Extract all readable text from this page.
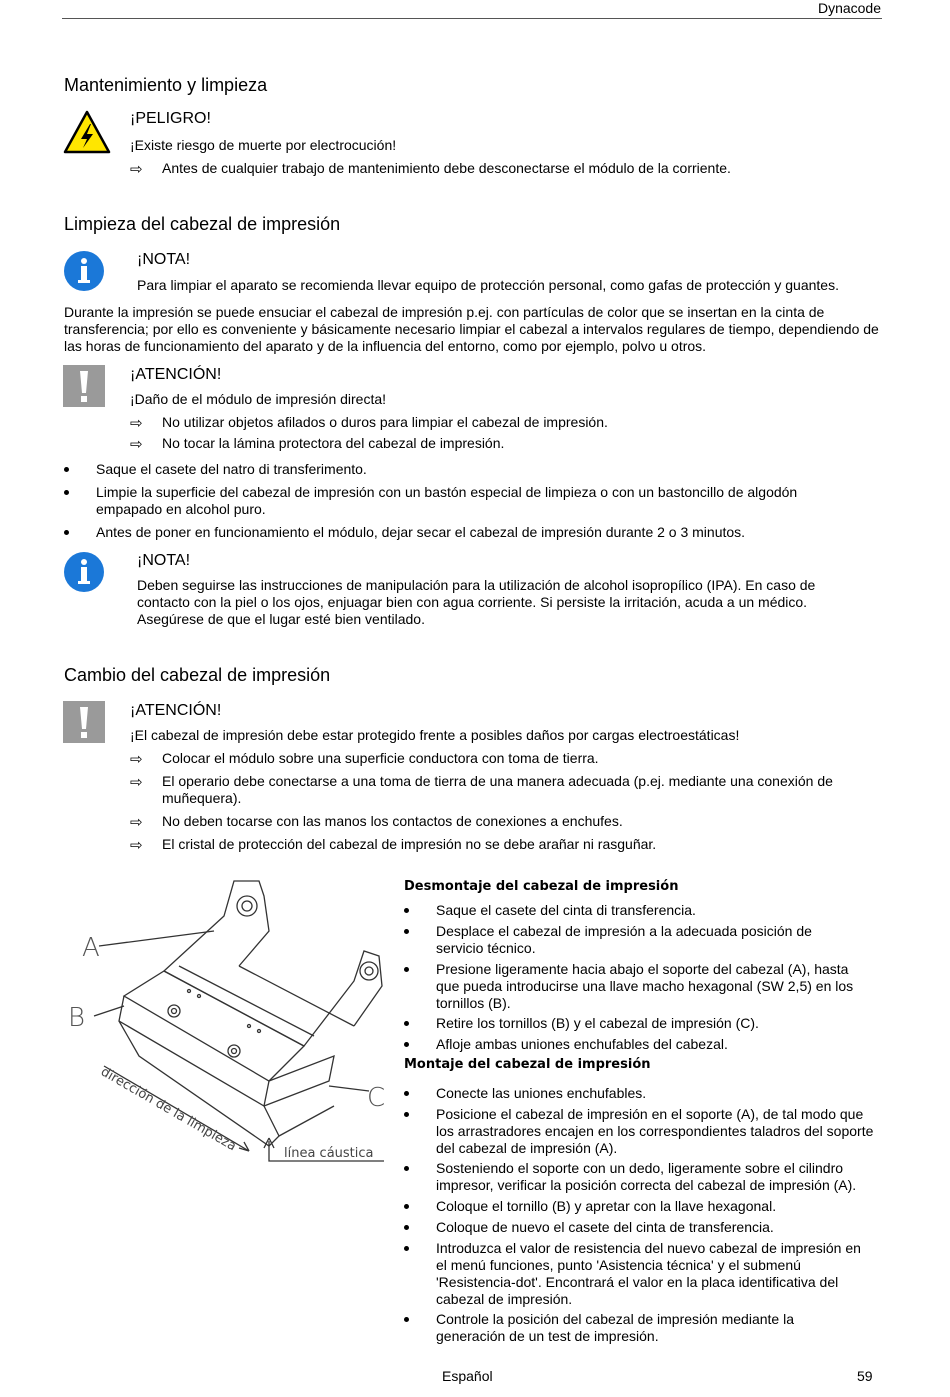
Dynacode
Mantenimiento y limpieza
¡PELIGRO!
¡Existe riesgo de muerte por electrocución!
⇨ Antes de cualquier trabajo de mantenimiento debe desconectarse el módulo de la corriente.
Limpieza del cabezal de impresión
¡NOTA!
Para limpiar el aparato se recomienda llevar equipo de protección personal, como gafas de protección y guantes.
Durante la impresión se puede ensuciar el cabezal de impresión p.ej. con partículas de color que se insertan en la cinta de transferencia; por ello es conveniente y básicamente necesario limpiar el cabezal a intervalos regulares de tiempo, dependiendo de las horas de funcionamiento del aparato y de la influencia del entorno, como por ejemplo, polvo u otros.
¡ATENCIÓN!
¡Daño de el módulo de impresión directa!
⇨ No utilizar objetos afilados o duros para limpiar el cabezal de impresión.
⇨ No tocar la lámina protectora del cabezal de impresión.
Saque el casete del natro di transferimento.
Limpie la superficie del cabezal de impresión con un bastón especial de limpieza o con un bastoncillo de algodón empapado en alcohol puro.
Antes de poner en funcionamiento el módulo, dejar secar el cabezal de impresión durante 2 o 3 minutos.
¡NOTA!
Deben seguirse las instrucciones de manipulación para la utilización de alcohol isopropílico (IPA). En caso de contacto con la piel o los ojos, enjuagar bien con agua corriente. Si persiste la irritación, acuda a un médico. Asegúrese de que el lugar esté bien ventilado.
Cambio del cabezal de impresión
¡ATENCIÓN!
¡El cabezal de impresión debe estar protegido frente a posibles daños por cargas electroestáticas!
⇨ Colocar el módulo sobre una superficie conductora con toma de tierra.
⇨ El operario debe conectarse a una toma de tierra de una manera adecuada (p.ej. mediante una conexión de muñequera).
⇨ No deben tocarse con las manos los contactos de conexiones a enchufes.
⇨ El cristal de protección del cabezal de impresión no se debe arañar ni rasguñar.
A
B
C
dirección de la limpieza	línea cáustica
Desmontaje del cabezal de impresión
Saque el casete del cinta di transferencia.
Desplace el cabezal de impresión a la adecuada posición de servicio técnico.
Presione ligeramente hacia abajo el soporte del cabezal (A), hasta que pueda introducirse una llave macho hexagonal (SW 2,5) en los tornillos (B).
Retire los tornillos (B) y el cabezal de impresión (C).
Afloje ambas uniones enchufables del cabezal.
Montaje del cabezal de impresión
Conecte las uniones enchufables.
Posicione el cabezal de impresión en el soporte (A), de tal modo que los arrastradores encajen en los correspondientes taladros del soporte del cabezal de impresión (A).
Sosteniendo el soporte con un dedo, ligeramente sobre el cilindro impresor, verificar la posición correcta del cabezal de impresión (A).
Coloque el tornillo (B) y apretar con la llave hexagonal.
Coloque de nuevo el casete del cinta de transferencia.
Introduzca el valor de resistencia del nuevo cabezal de impresión en el menú funciones, punto 'Asistencia técnica' y el submenú 'Resistencia-dot'. Encontrará el valor en la placa identificativa del cabezal de impresión.
Controle la posición del cabezal de impresión mediante la generación de un test de impresión.
Español	59
